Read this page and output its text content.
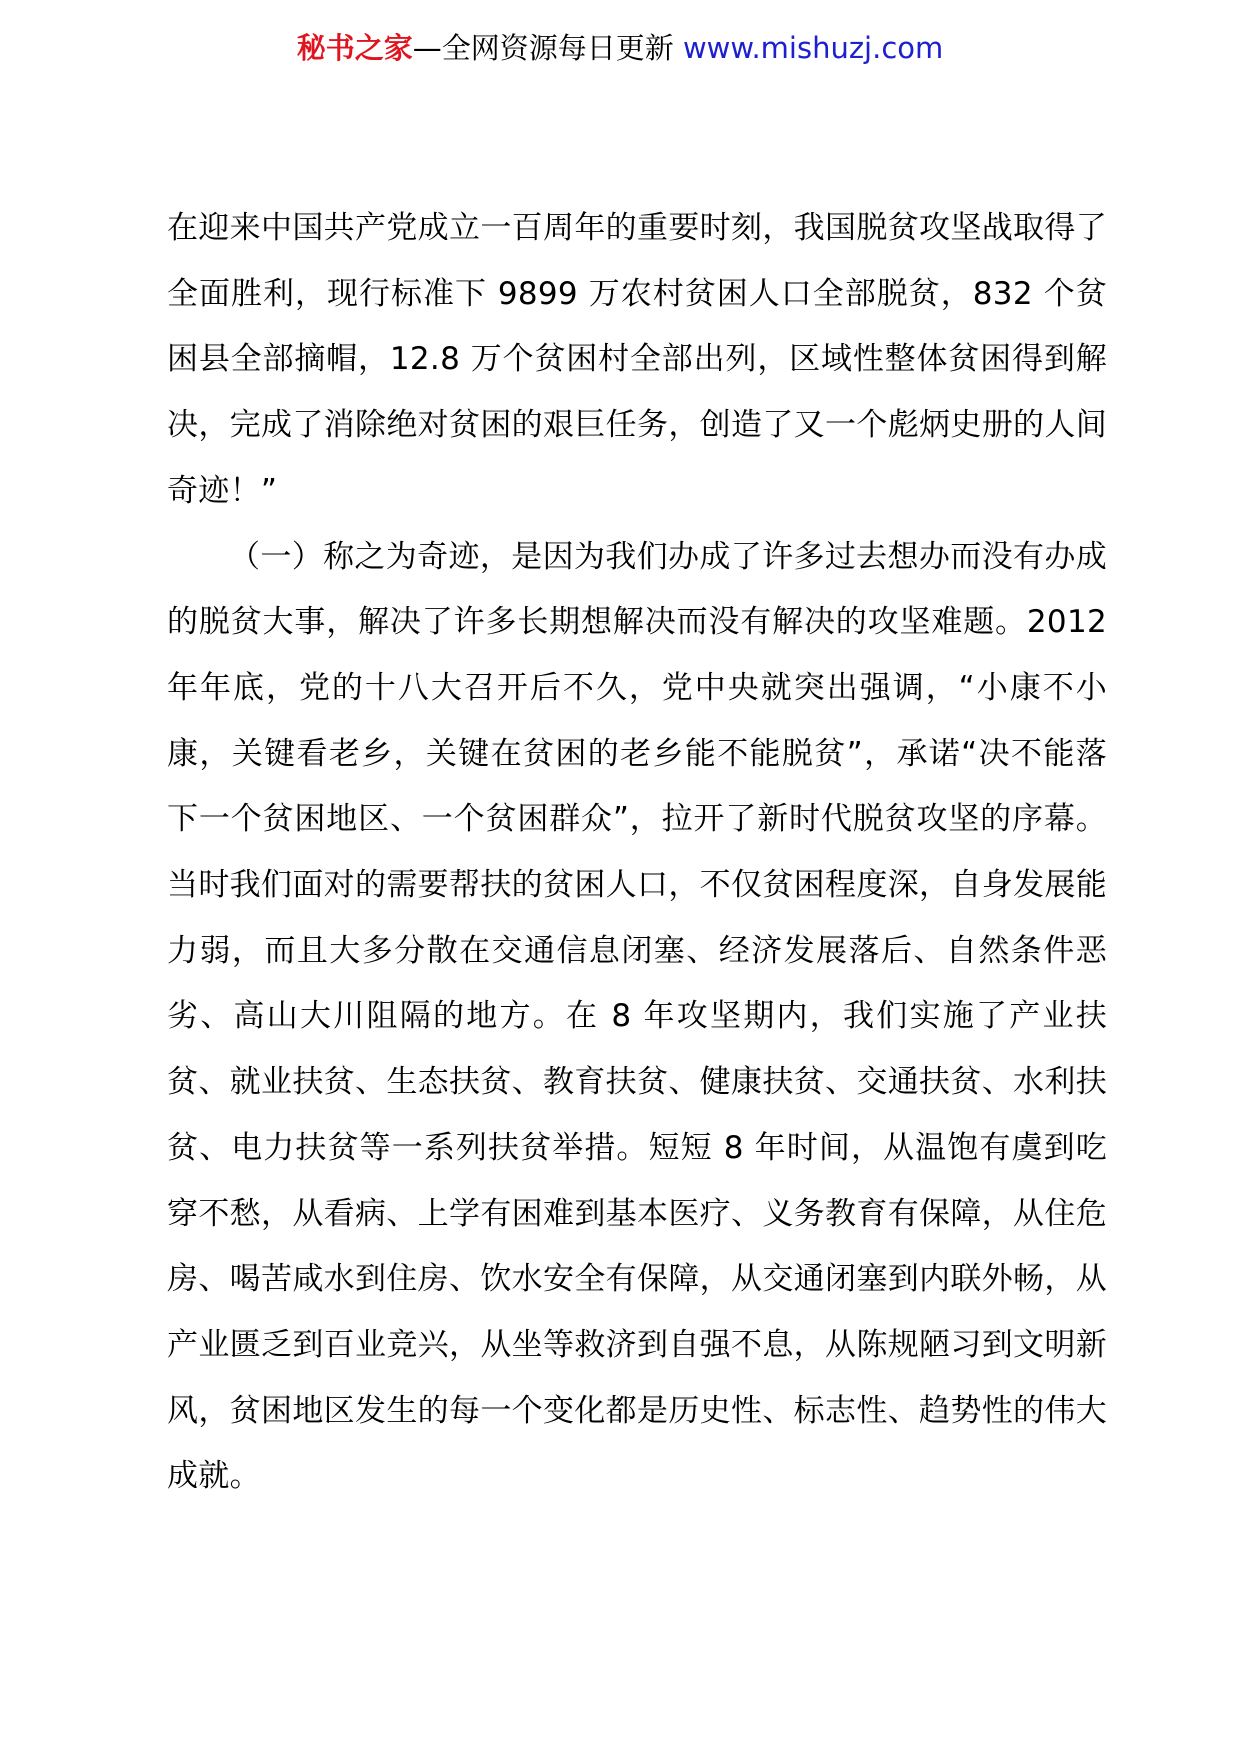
秘书之家—全网资源每日更新 www.mishuzj.com

在迎来中国共产党成立一百周年的重要时刻，我国脱贫攻坚战取得了全面胜利，现行标准下 9899 万农村贫困人口全部脱贫，832 个贫困县全部摘帽，12.8 万个贫困村全部出列，区域性整体贫困得到解决，完成了消除绝对贫困的艰巨任务，创造了又一个彪炳史册的人间奇迹！”

（一）称之为奇迹，是因为我们办成了许多过去想办而没有办成的脱贫大事，解决了许多长期想解决而没有解决的攻坚难题。2012 年年底，党的十八大召开后不久，党中央就突出强调，“小康不小康，关键看老乡，关键在贫困的老乡能不能脱贫”，承诺“决不能落下一个贫困地区、一个贫困群众”，拉开了新时代脱贫攻坚的序幕。当时我们面对的需要帮扶的贫困人口，不仅贫困程度深，自身发展能力弱，而且大多分散在交通信息闭塞、经济发展落后、自然条件恶劣、高山大川阻隔的地方。在 8 年攻坚期内，我们实施了产业扶贫、就业扶贫、生态扶贫、教育扶贫、健康扶贫、交通扶贫、水利扶贫、电力扶贫等一系列扶贫举措。短短 8 年时间，从温饱有虞到吃穿不愁，从看病、上学有困难到基本医疗、义务教育有保障，从住危房、喝苦咸水到住房、饮水安全有保障，从交通闭塞到内联外畅，从产业匮乏到百业竞兴，从坐等救济到自强不息，从陈规陋习到文明新风，贫困地区发生的每一个变化都是历史性、标志性、趋势性的伟大成就。
